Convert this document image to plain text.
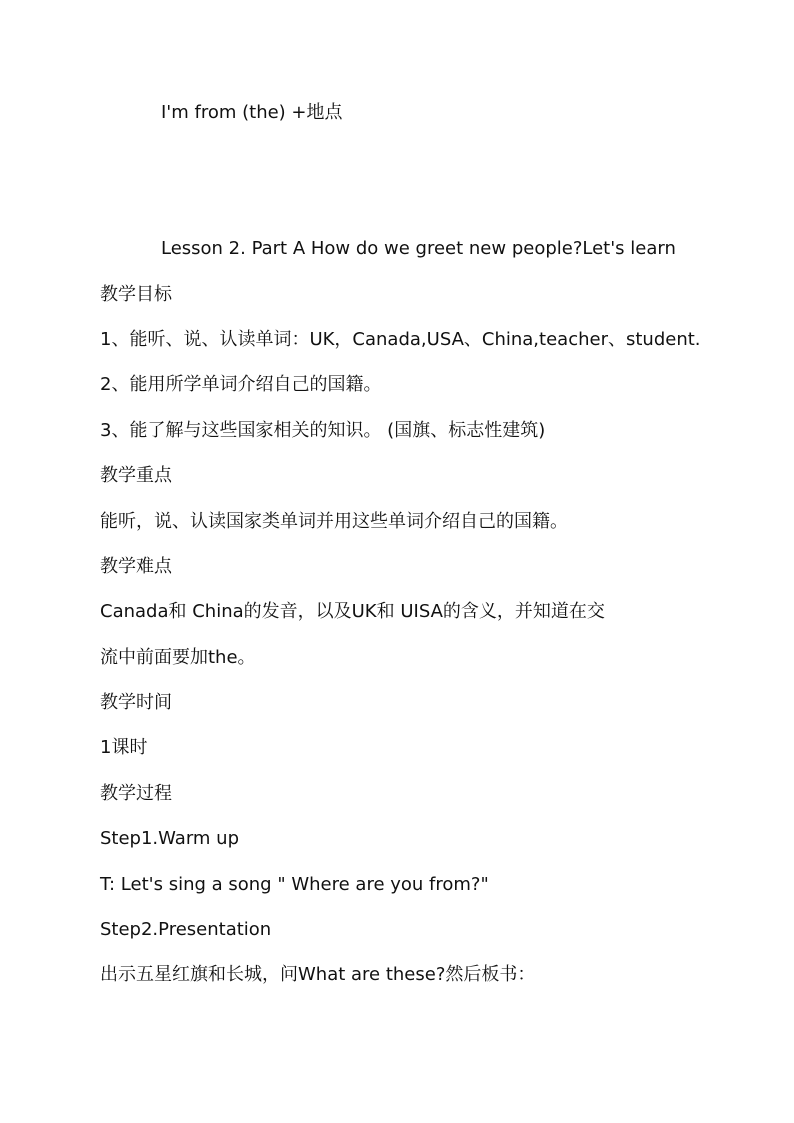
I'm from (the) +地点
Lesson 2. Part A How do we greet new people?Let's learn
教学目标
1、能听、说、认读单词：UK，Canada,USA、China,teacher、student.
2、能用所学单词介绍自己的国籍。
3、能了解与这些国家相关的知识。 (国旗、标志性建筑)
教学重点
能听，说、认读国家类单词并用这些单词介绍自己的国籍。
教学难点
Canada和 China的发音，以及UK和 UISA的含义，并知道在交
流中前面要加the。
教学时间
1课时
教学过程
Step1.Warm up
T: Let's sing a song " Where are you from?"
Step2.Presentation
出示五星红旗和长城，问What are these?然后板书：
